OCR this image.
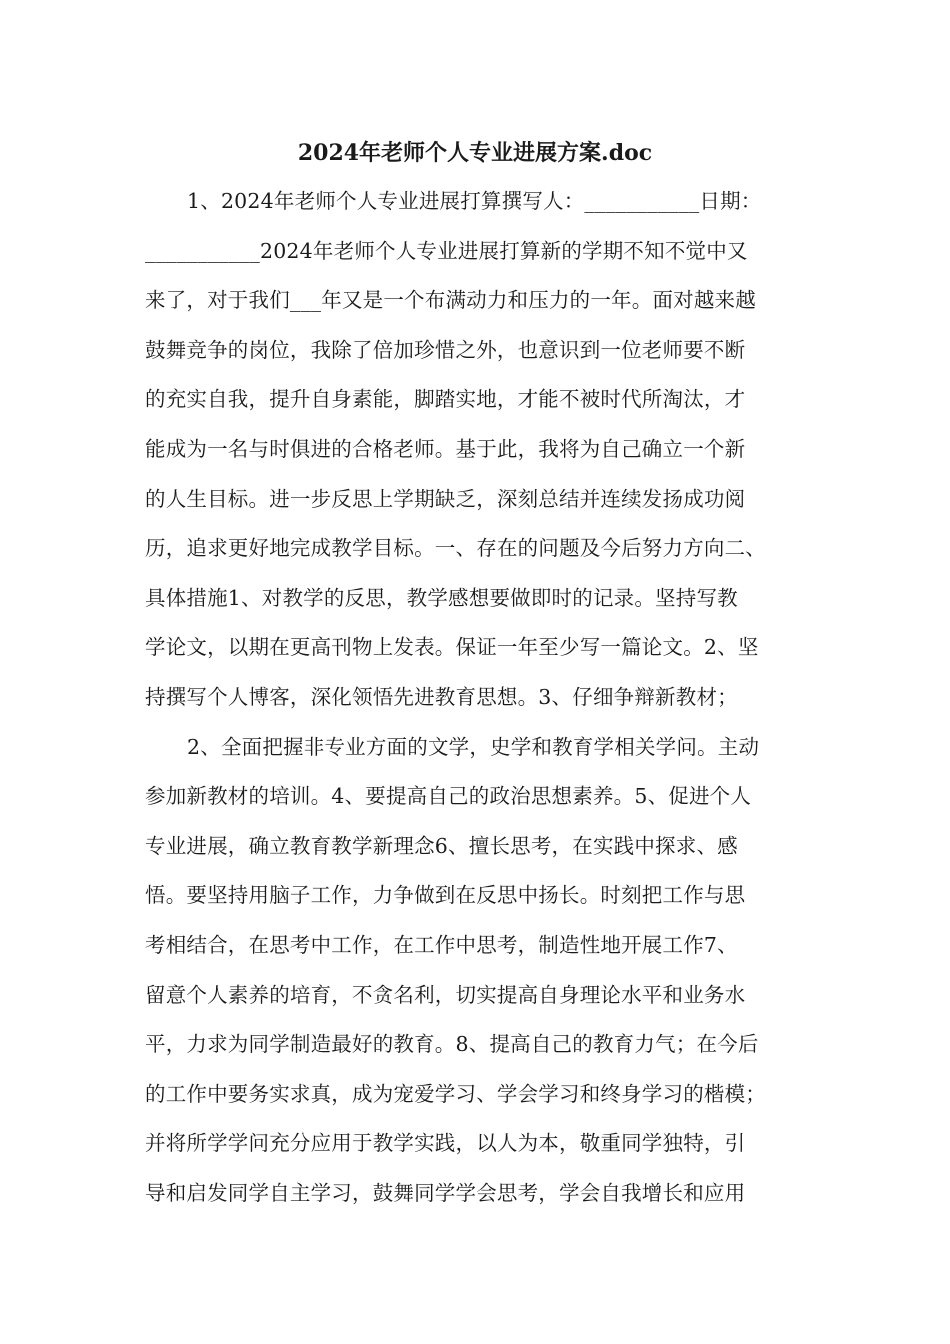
2024年老师个人专业进展方案.doc
1、2024年老师个人专业进展打算撰写人：___________日期：
___________2024年老师个人专业进展打算新的学期不知不觉中又
来了，对于我们___年又是一个布满动力和压力的一年。面对越来越
鼓舞竞争的岗位，我除了倍加珍惜之外，也意识到一位老师要不断
的充实自我，提升自身素能，脚踏实地，才能不被时代所淘汰，才
能成为一名与时俱进的合格老师。基于此，我将为自己确立一个新
的人生目标。进一步反思上学期缺乏，深刻总结并连续发扬成功阅
历，追求更好地完成教学目标。一、存在的问题及今后努力方向二、
具体措施1、对教学的反思，教学感想要做即时的记录。坚持写教
学论文，以期在更高刊物上发表。保证一年至少写一篇论文。2、坚
持撰写个人博客，深化领悟先进教育思想。3、仔细争辩新教材；
2、全面把握非专业方面的文学，史学和教育学相关学问。主动
参加新教材的培训。4、要提高自己的政治思想素养。5、促进个人
专业进展，确立教育教学新理念6、擅长思考，在实践中探求、感
悟。要坚持用脑子工作，力争做到在反思中扬长。时刻把工作与思
考相结合，在思考中工作，在工作中思考，制造性地开展工作7、
留意个人素养的培育，不贪名利，切实提高自身理论水平和业务水
平，力求为同学制造最好的教育。8、提高自己的教育力气；在今后
的工作中要务实求真，成为宠爱学习、学会学习和终身学习的楷模；
并将所学学问充分应用于教学实践，以人为本，敬重同学独特，引
导和启发同学自主学习，鼓舞同学学会思考，学会自我增长和应用
